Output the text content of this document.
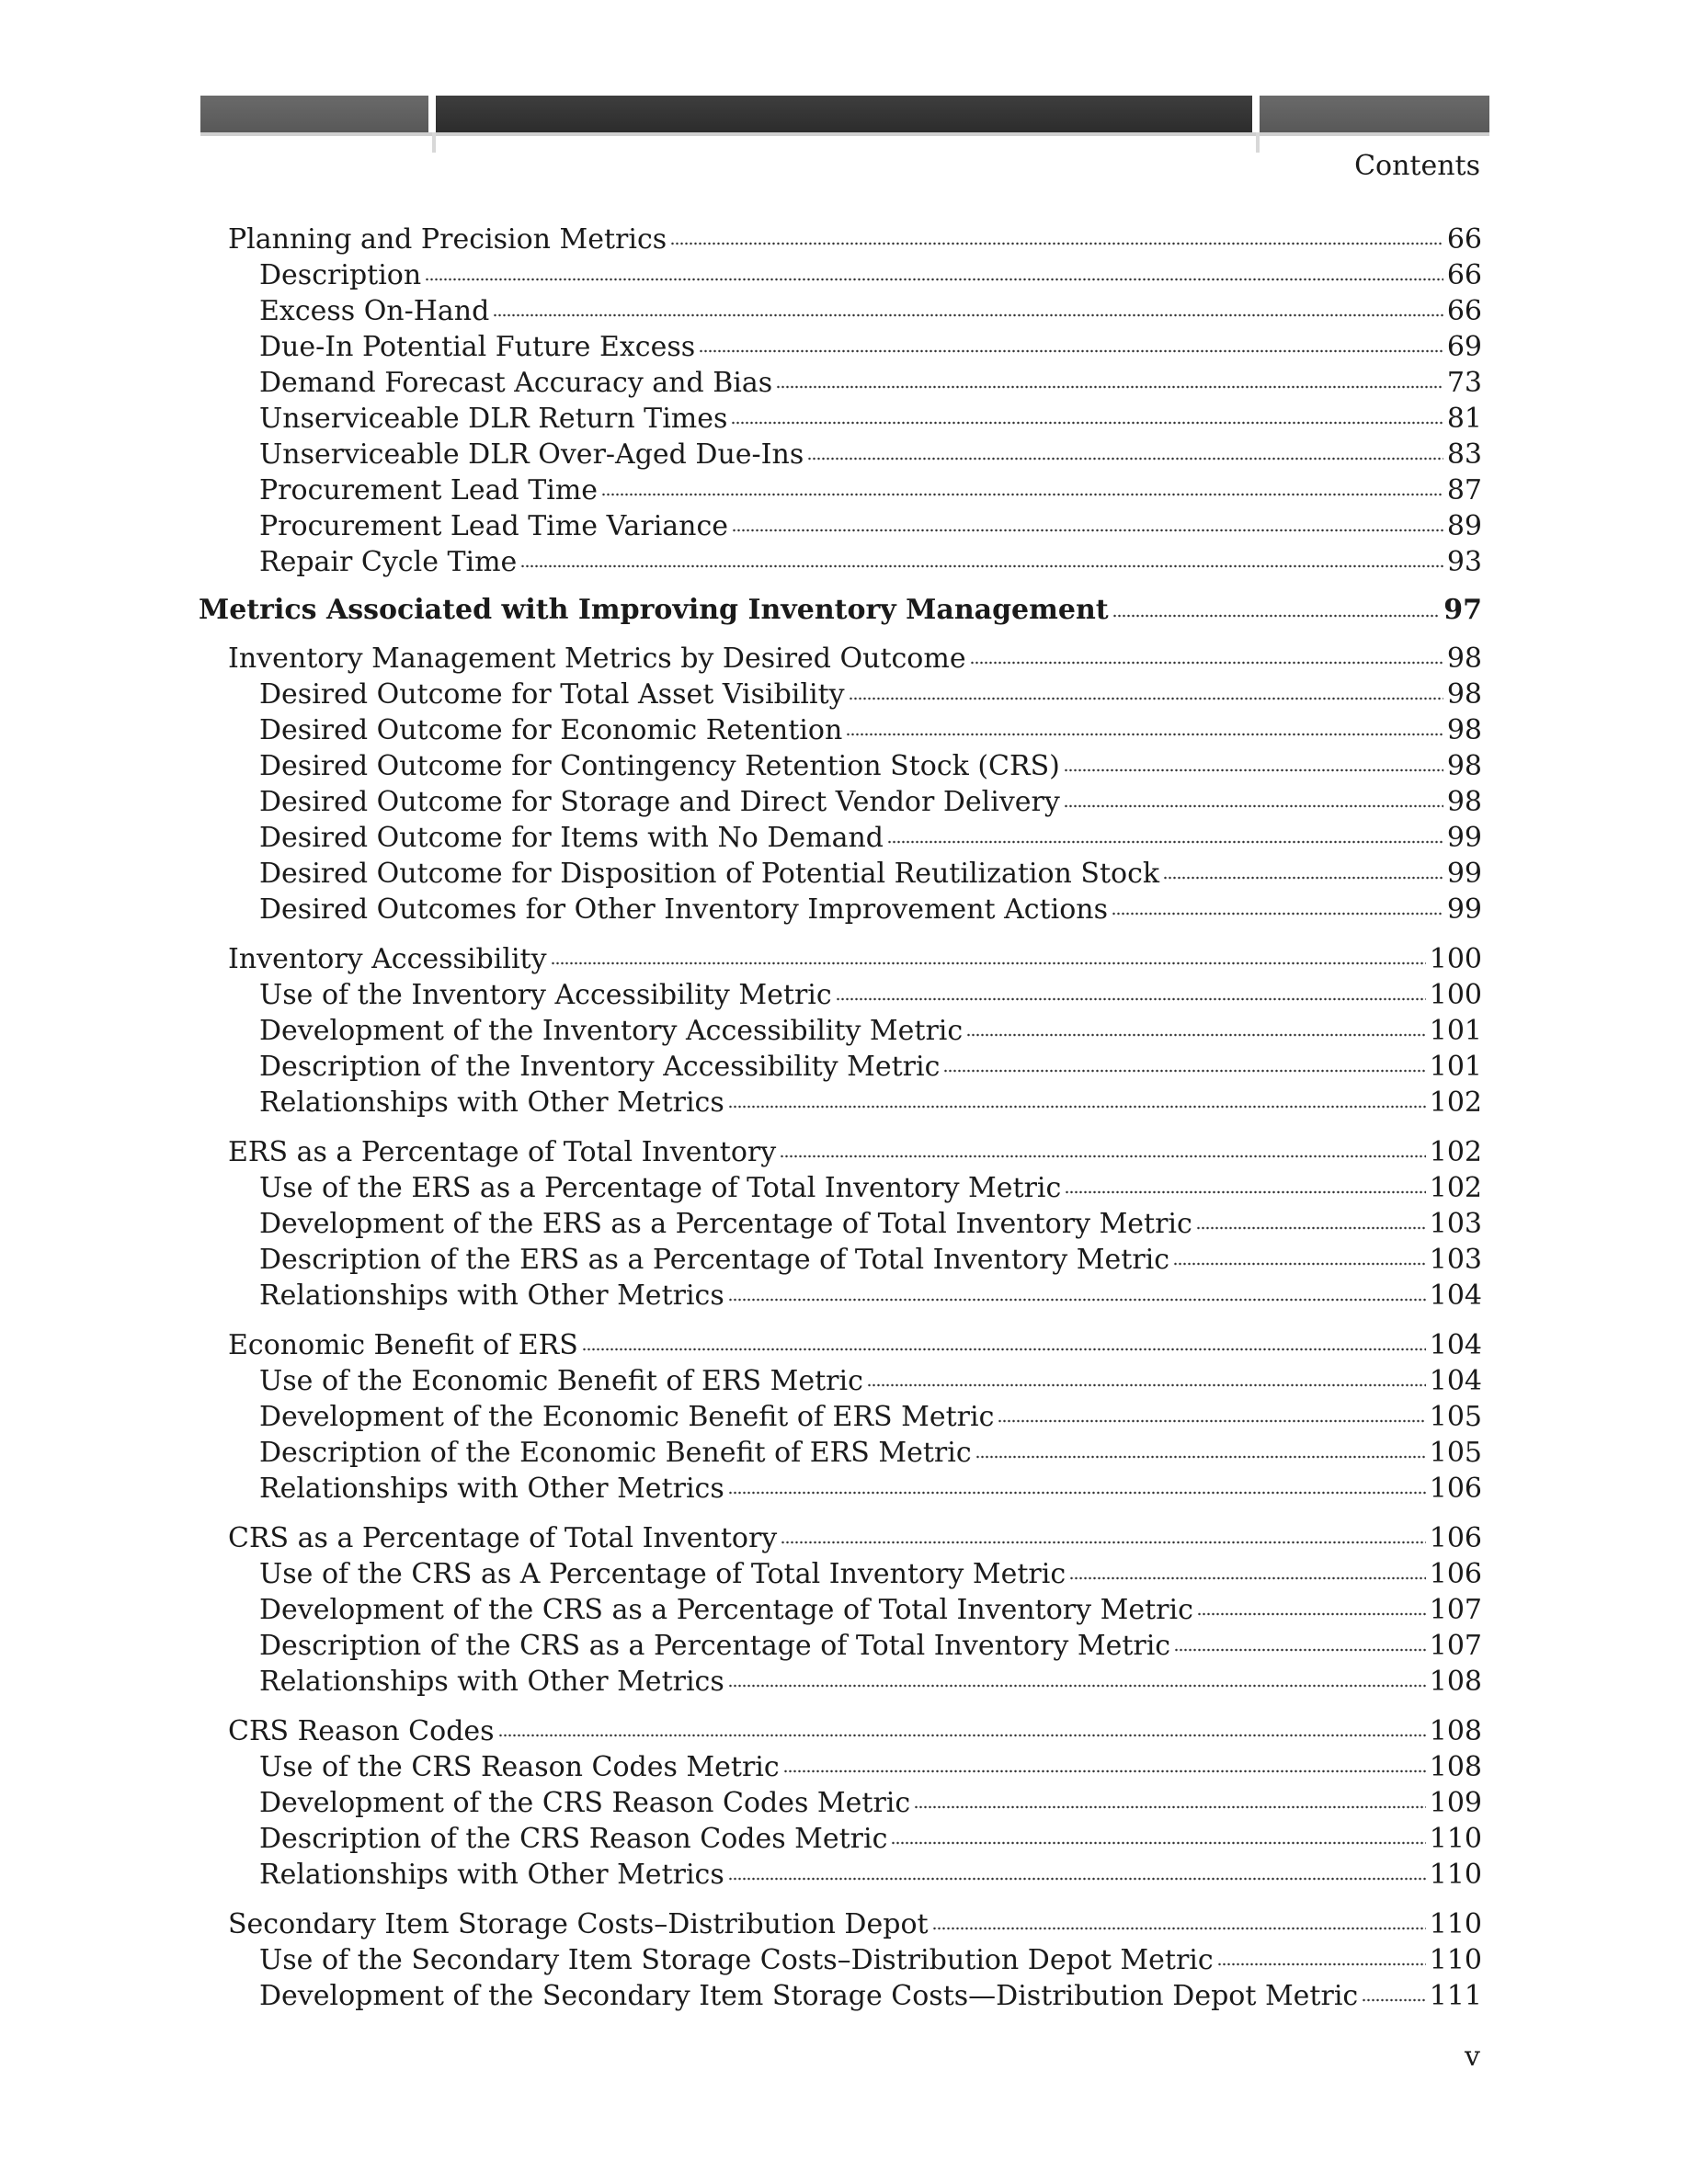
Contents
Planning and Precision Metrics	66
Description	66
Excess On-Hand	66
Due-In Potential Future Excess	69
Demand Forecast Accuracy and Bias	73
Unserviceable DLR Return Times	81
Unserviceable DLR Over-Aged Due-Ins	83
Procurement Lead Time	87
Procurement Lead Time Variance	89
Repair Cycle Time	93
Metrics Associated with Improving Inventory Management	97
Inventory Management Metrics by Desired Outcome	98
Desired Outcome for Total Asset Visibility	98
Desired Outcome for Economic Retention	98
Desired Outcome for Contingency Retention Stock (CRS)	98
Desired Outcome for Storage and Direct Vendor Delivery	98
Desired Outcome for Items with No Demand	99
Desired Outcome for Disposition of Potential Reutilization Stock	99
Desired Outcomes for Other Inventory Improvement Actions	99
Inventory Accessibility	100
Use of the Inventory Accessibility Metric	100
Development of the Inventory Accessibility Metric	101
Description of the Inventory Accessibility Metric	101
Relationships with Other Metrics	102
ERS as a Percentage of Total Inventory	102
Use of the ERS as a Percentage of Total Inventory Metric	102
Development of the ERS as a Percentage of Total Inventory Metric	103
Description of the ERS as a Percentage of Total Inventory Metric	103
Relationships with Other Metrics	104
Economic Benefit of ERS	104
Use of the Economic Benefit of ERS Metric	104
Development of the Economic Benefit of ERS Metric	105
Description of the Economic Benefit of ERS Metric	105
Relationships with Other Metrics	106
CRS as a Percentage of Total Inventory	106
Use of the CRS as A Percentage of Total Inventory Metric	106
Development of the CRS as a Percentage of Total Inventory Metric	107
Description of the CRS as a Percentage of Total Inventory Metric	107
Relationships with Other Metrics	108
CRS Reason Codes	108
Use of the CRS Reason Codes Metric	108
Development of the CRS Reason Codes Metric	109
Description of the CRS Reason Codes Metric	110
Relationships with Other Metrics	110
Secondary Item Storage Costs–Distribution Depot	110
Use of the Secondary Item Storage Costs–Distribution Depot Metric	110
Development of the Secondary Item Storage Costs—Distribution Depot Metric	111
v
